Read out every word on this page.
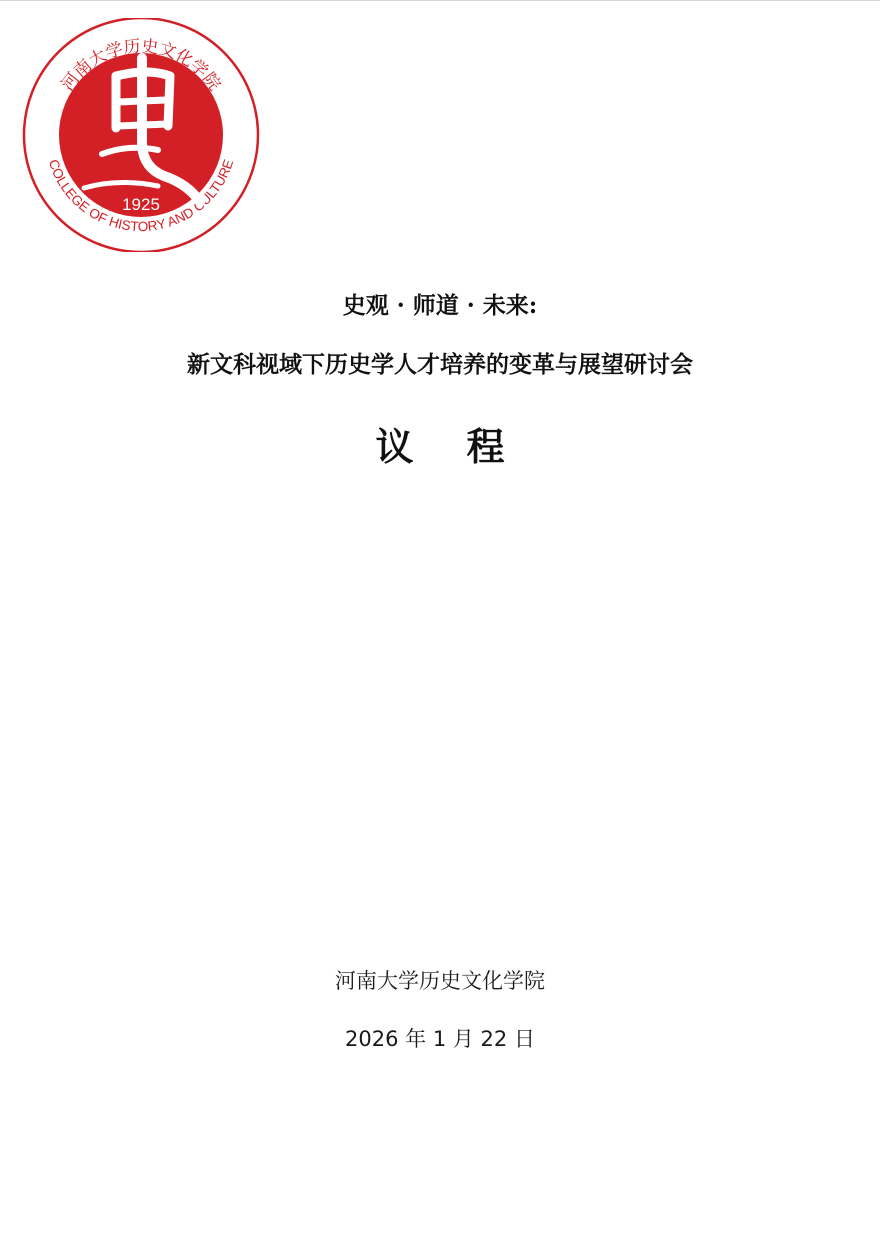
河南大学历史文化学院
COLLEGE OF HISTORY AND CULTURE
1925
史观 · 师道 · 未来:
新文科视域下历史学人才培养的变革与展望研讨会
议    程
河南大学历史文化学院
2026 年 1 月 22 日
